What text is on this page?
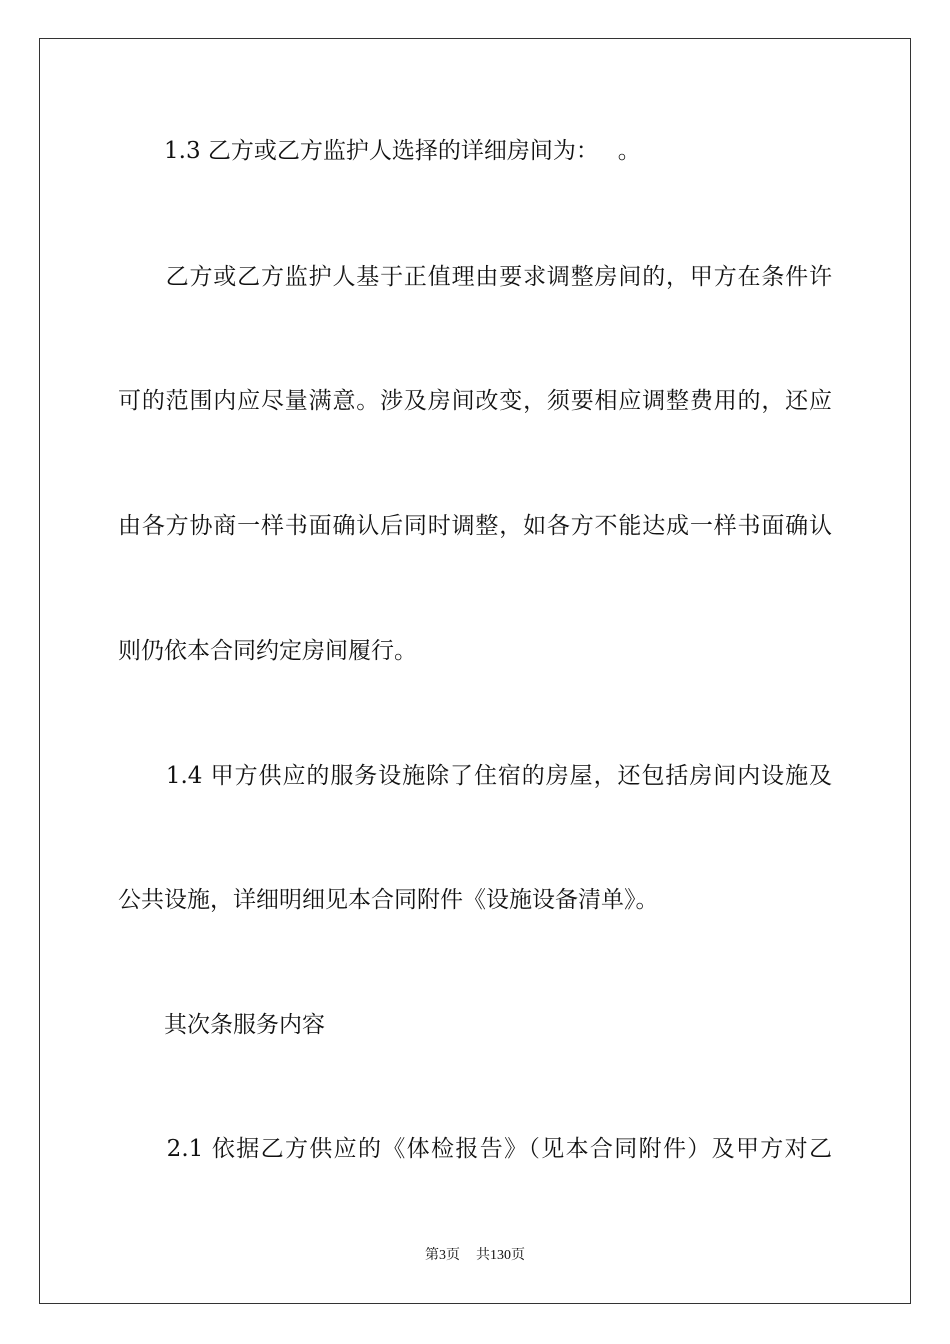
　　1.3 乙方或乙方监护人选择的详细房间为：　 。
　　乙方或乙方监护人基于正值理由要求调整房间的，甲方在条件许
可的范围内应尽量满意。涉及房间改变，须要相应调整费用的，还应
由各方协商一样书面确认后同时调整，如各方不能达成一样书面确认
则仍依本合同约定房间履行。
　　1.4 甲方供应的服务设施除了住宿的房屋，还包括房间内设施及
公共设施，详细明细见本合同附件《设施设备清单》。
　　其次条服务内容
　　2.1 依据乙方供应的《体检报告》（见本合同附件）及甲方对乙
第3页 共130页
